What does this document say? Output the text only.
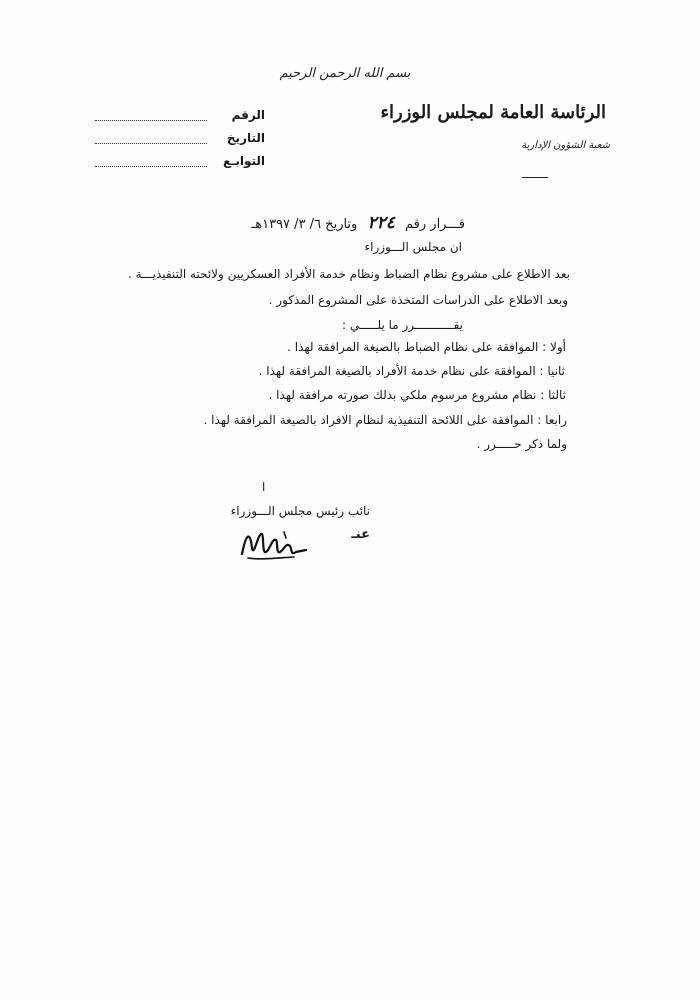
بسم الله الرحمن الرحيم
الرقم
التاريخ
التوابـع
الرئاسة العامة لمجلس الوزراء
شعبة الشؤون الإدارية
قـــرار رقم ٢٢٤ وتاريخ ٦/ ٣/ ١٣٩٧هـ
ان مجلس الـــوزراء
بعد الاطلاع على مشروع نظام الضباط ونظام خدمة الأفراد العسكريين ولائحته التنفيذيـــة .
وبعد الاطلاع على الدراسات المتخذة على المشروع المذكور .
يقـــــــــــرر ما يلـــــي :
أولا : الموافقة على نظام الضباط بالصيغة المرافقة لهذا .
ثانيا : الموافقة على نظام خدمة الأفراد بالصيغة المرافقة لهذا .
ثالثا : نظام مشروع مرسوم ملكي بذلك صورته مرافقة لهذا .
رابعا : الموافقة على اللائحة التنفيذية لنظام الافراد بالصيغة المرافقة لهذا .
ولما ذكر حـــــرر .
ا
نائب رئيس مجلس الـــوزراء
عنـ
